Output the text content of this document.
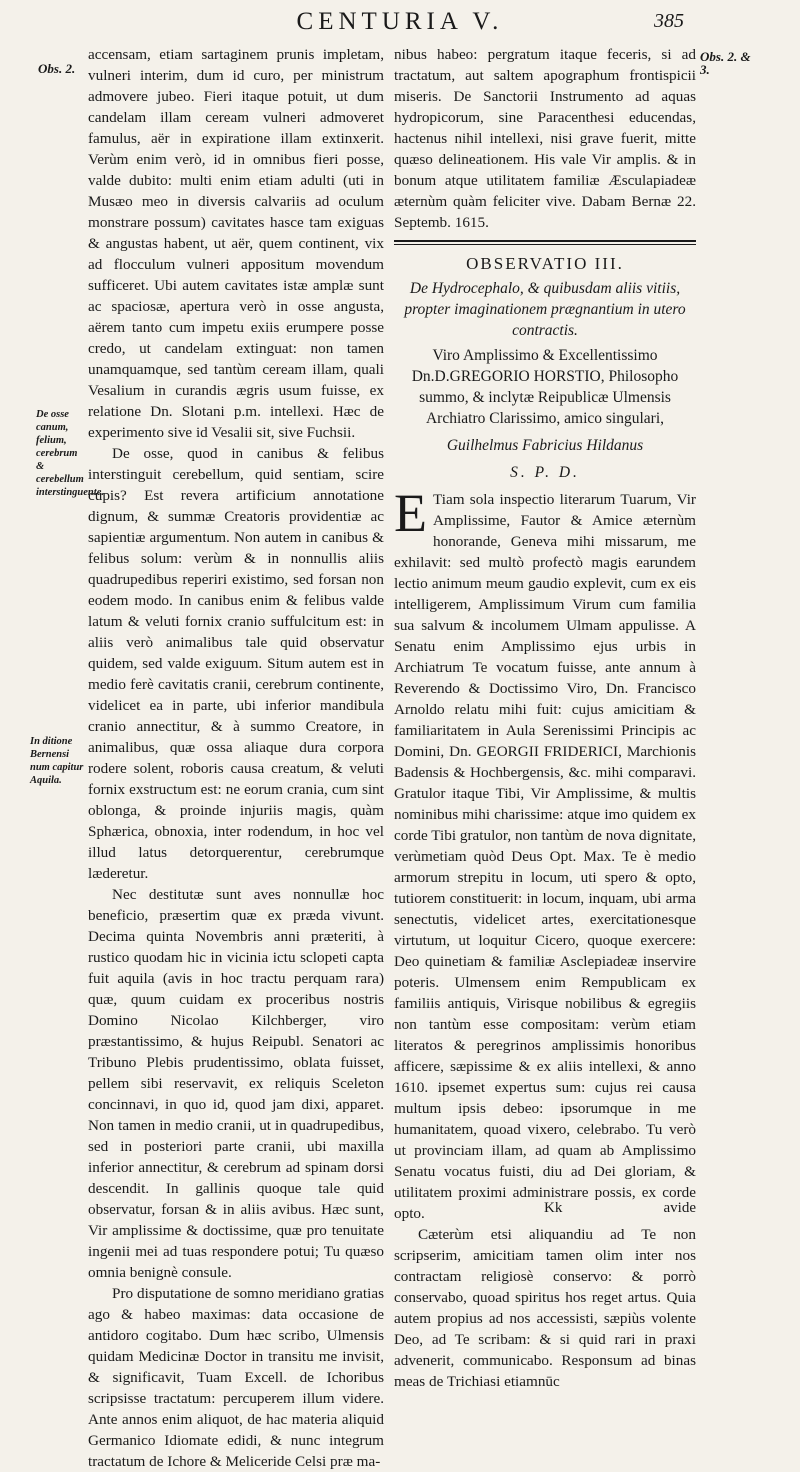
CENTURIA V.	385
Obs. 2.
Obs. 2. & 3.
De osse canum, felium, cerebrum & cerebellum interstinguente.
In ditione Bernensi num capitur Aquila.

accensam, etiam sartaginem prunis impletam, vulneri interim, dum id curo, per ministrum admovere jubeo. Fieri itaque potuit, ut dum candelam illam ceream vulneri admoveret famulus, aër in expiratione illam extinxerit. Verùm enim verò, id in omnibus fieri posse, valde dubito: multi enim etiam adulti (uti in Musæo meo in diversis calvariis ad oculum monstrare possum) cavitates hasce tam exiguas & angustas habent, ut aër, quem continent, vix ad flocculum vulneri appositum movendum sufficeret. Ubi autem cavitates istæ amplæ sunt ac spaciosæ, apertura verò in osse angusta, aërem tanto cum impetu exiis erumpere posse credo, ut candelam extinguat: non tamen unamquamque, sed tantùm ceream illam, quali Vesalium in curandis ægris usum fuisse, ex relatione Dn. Slotani p.m. intellexi. Hæc de experimento sive id Vesalii sit, sive Fuchsii.

De osse, quod in canibus & felibus interstinguit cerebellum, quid sentiam, scire cupis? Est revera artificium annotatione dignum, & summæ Creatoris providentiæ ac sapientiæ argumentum. Non autem in canibus & felibus solum: verùm & in nonnullis aliis quadrupedibus reperiri existimo, sed forsan non eodem modo. In canibus enim & felibus valde latum & veluti fornix cranio suffulcitum est: in aliis verò animalibus tale quid observatur quidem, sed valde exiguum. Situm autem est in medio ferè cavitatis cranii, cerebrum continente, videlicet ea in parte, ubi inferior mandibula cranio annectitur, & à summo Creatore, in animalibus, quæ ossa aliaque dura corpora rodere solent, roboris causa creatum, & veluti fornix exstructum est: ne eorum crania, cum sint oblonga, & proinde injuriis magis, quàm Sphærica, obnoxia, inter rodendum, in hoc vel illud latus detorquerentur, cerebrumque læderetur.

Nec destitutæ sunt aves nonnullæ hoc beneficio, præsertim quæ ex præda vivunt. Decima quinta Novembris anni præteriti, à rustico quodam hic in vicinia ictu sclopeti capta fuit aquila (avis in hoc tractu perquam rara) quæ, quum cuidam ex proceribus nostris Domino Nicolao Kilchberger, viro præstantissimo, & hujus Reipubl. Senatori ac Tribuno Plebis prudentissimo, oblata fuisset, pellem sibi reservavit, ex reliquis Sceleton concinnavi, in quo id, quod jam dixi, apparet. Non tamen in medio cranii, ut in quadrupedibus, sed in posteriori parte cranii, ubi maxilla inferior annectitur, & cerebrum ad spinam dorsi descendit. In gallinis quoque tale quid observatur, forsan & in aliis avibus. Hæc sunt, Vir amplissime & doctissime, quæ pro tenuitate ingenii mei ad tuas respondere potui; Tu quæso omnia benignè consule.

Pro disputatione de somno meridiano gratias ago & habeo maximas: data occasione de antidoro cogitabo. Dum hæc scribo, Ulmensis quidam Medicinæ Doctor in transitu me invisit, & significavit, Tuam Excell. de Ichoribus scripsisse tractatum: percuperem illum videre. Ante annos enim aliquot, de hac materia aliquid Germanico Idiomate edidi, & nunc integrum tractatum de Ichore & Meliceride Celsi præ ma-

nibus habeo: pergratum itaque feceris, si ad tractatum, aut saltem apographum frontispicii miseris. De Sanctorii Instrumento ad aquas hydropicorum, sine Paracenthesi educendas, hactenus nihil intellexi, nisi grave fuerit, mitte quæso delineationem. His vale Vir amplis. & in bonum atque utilitatem familiæ Æsculapiadeæ æternùm quàm feliciter vive. Dabam Bernæ 22. Septemb. 1615.

OBSERVATIO III.
De Hydrocephalo, & quibusdam aliis vitiis, propter imaginationem prægnantium in utero contractis.
Viro Amplissimo & Excellentissimo Dn.D.GREGORIO HORSTIO, Philosopho summo, & inclytæ Reipublicæ Ulmensis Archiatro Clarissimo, amico singulari,
Guilhelmus Fabricius Hildanus
S. P. D.

E Tiam sola inspectio literarum Tuarum, Vir Amplissime, Fautor & Amice æternùm honorande, Geneva mihi missarum, me exhilavit: sed multò profectò magis earundem lectio animum meum gaudio explevit, cum ex eis intelligerem, Amplissimum Virum cum familia sua salvum & incolumem Ulmam appulisse. A Senatu enim Amplissimo ejus urbis in Archiatrum Te vocatum fuisse, ante annum à Reverendo & Doctissimo Viro, Dn. Francisco Arnoldo relatu mihi fuit: cujus amicitiam & familiaritatem in Aula Serenissimi Principis ac Domini, Dn. GEORGII FRIDERICI, Marchionis Badensis & Hochbergensis, &c. mihi comparavi. Gratulor itaque Tibi, Vir Amplissime, & multis nominibus mihi charissime: atque imo quidem ex corde Tibi gratulor, non tantùm de nova dignitate, verùmetiam quòd Deus Opt. Max. Te è medio armorum strepitu in locum, uti spero & opto, tutiorem constituerit: in locum, inquam, ubi arma senectutis, videlicet artes, exercitationesque virtutum, ut loquitur Cicero, quoque exercere: Deo quinetiam & familiæ Asclepiadeæ inservire poteris. Ulmensem enim Rempublicam ex familiis antiquis, Virisque nobilibus & egregiis non tantùm esse compositam: verùm etiam literatos & peregrinos amplissimis honoribus afficere, sæpissime & ex aliis intellexi, & anno 1610. ipsemet expertus sum: cujus rei causa multum ipsis debeo: ipsorumque in me humanitatem, quoad vixero, celebrabo. Tu verò ut provinciam illam, ad quam ab Amplissimo Senatu vocatus fuisti, diu ad Dei gloriam, & utilitatem proximi administrare possis, ex corde opto.

Cæterùm etsi aliquandiu ad Te non scripserim, amicitiam tamen olim inter nos contractam religiosè conservo: & porrò conservabo, quoad spiritus hos reget artus. Quia autem propius ad nos accessisti, sæpiùs volente Deo, ad Te scribam: & si quid rari in praxi advenerit, communicabo. Responsum ad binas meas de Trichiasi etiamnūc

Kk	avide
